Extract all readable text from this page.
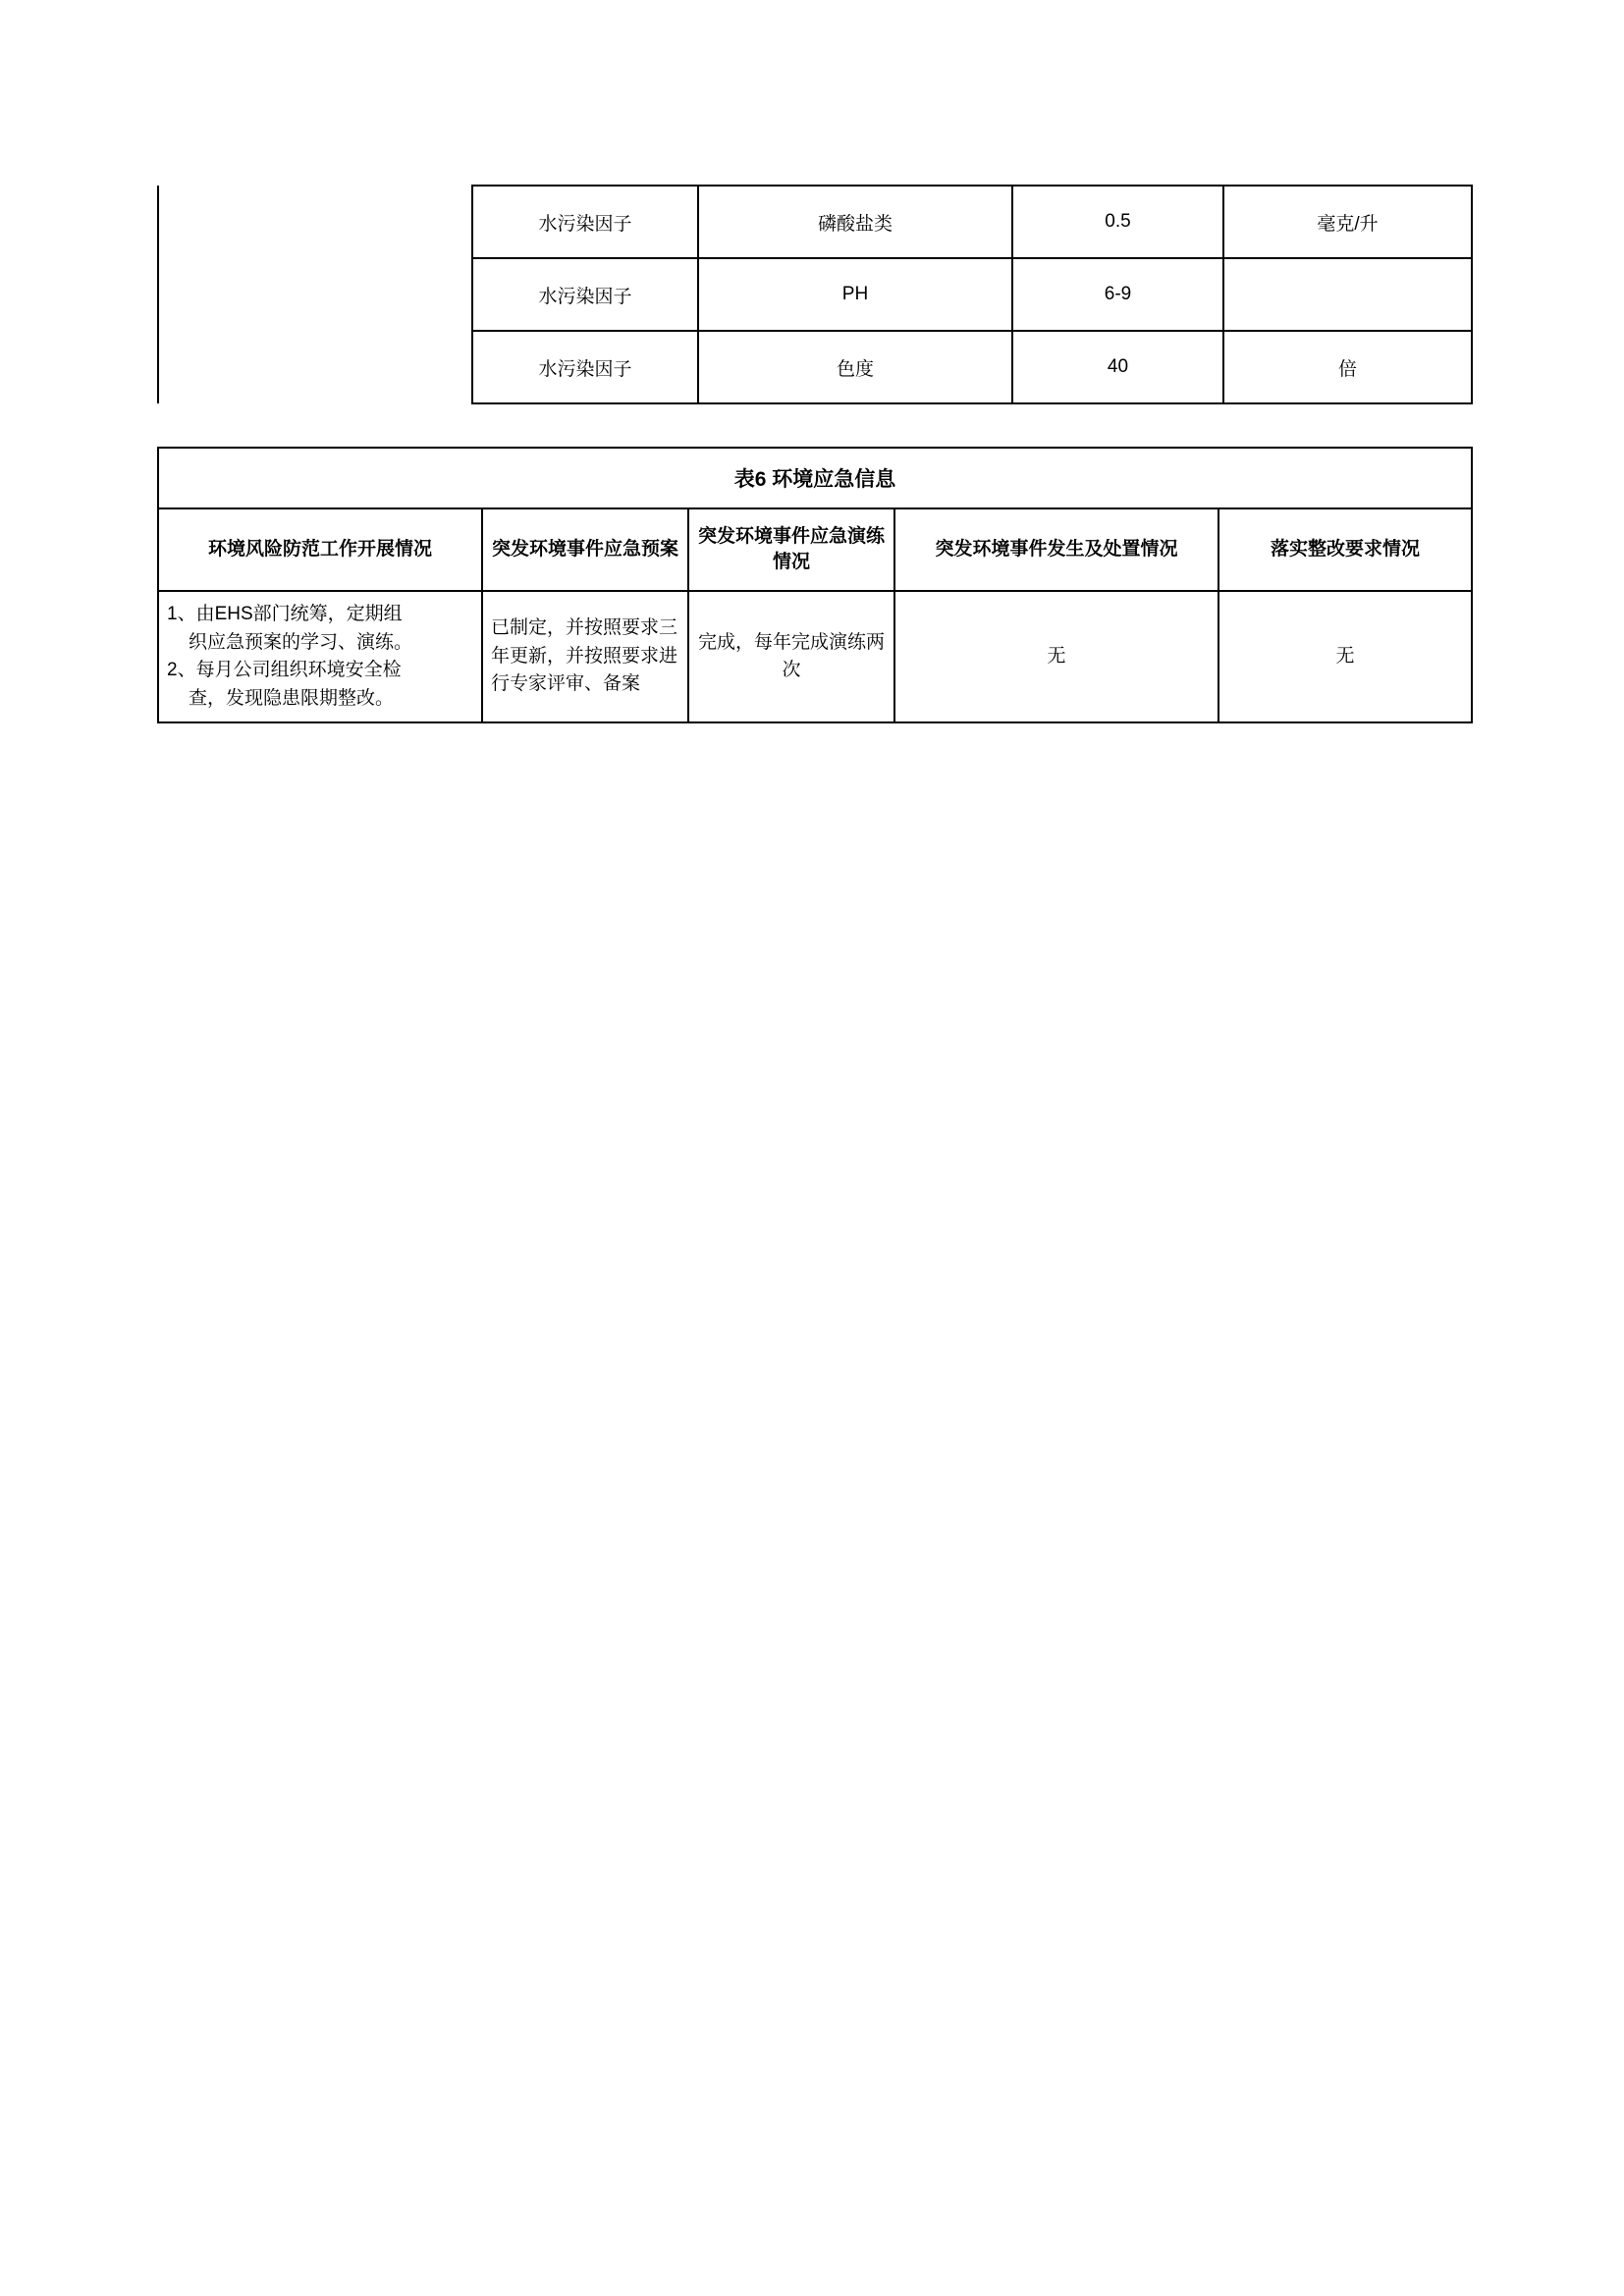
	水污染因子	磷酸盐类	0.5	毫克/升
	水污染因子	PH	6-9	
	水污染因子	色度	40	倍
表6 环境应急信息				
环境风险防范工作开展情况	突发环境事件应急预案	突发环境事件应急演练情况	突发环境事件发生及处置情况	落实整改要求情况

1、由EHS部门统筹，定期组
织应急预案的学习、演练。
2、每月公司组织环境安全检
查，发现隐患限期整改。	已制定，并按照要求三年更新，并按照要求进行专家评审、备案	完成，每年完成演练两次	无	无
